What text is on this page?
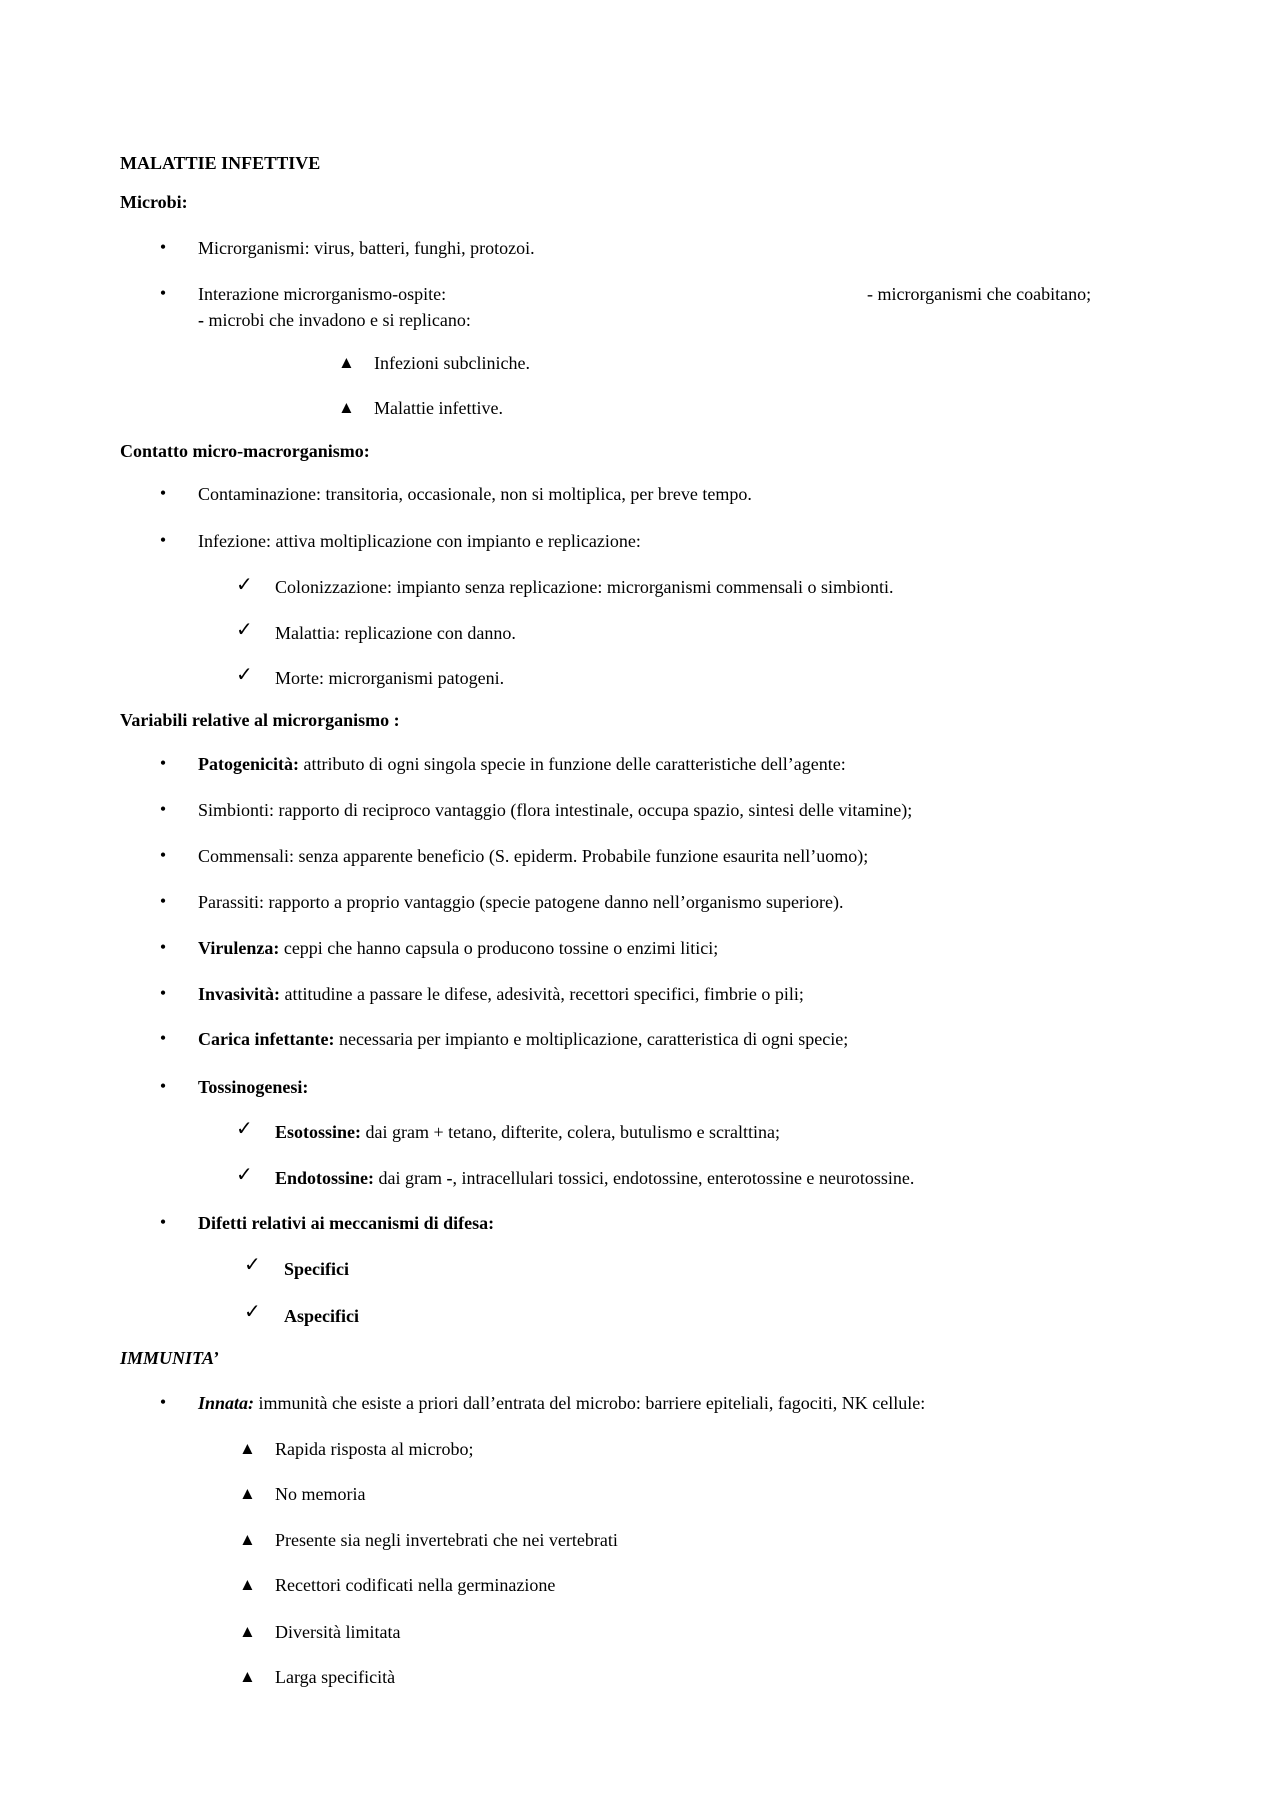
MALATTIE INFETTIVE
Microbi:
• Microrganismi: virus, batteri, funghi, protozoi.
• Interazione microrganismo-ospite:	- microrganismi che coabitano;
- microbi che invadono e si replicano:
▲ Infezioni subcliniche.
▲ Malattie infettive.
Contatto micro-macrorganismo:
• Contaminazione: transitoria, occasionale, non si moltiplica, per breve tempo.
• Infezione: attiva moltiplicazione con impianto e replicazione:
✓ Colonizzazione: impianto senza replicazione: microrganismi commensali o simbionti.
✓ Malattia: replicazione con danno.
✓ Morte: microrganismi patogeni.
Variabili relative al microrganismo :
• Patogenicità: attributo di ogni singola specie in funzione delle caratteristiche dell’agente:
• Simbionti: rapporto di reciproco vantaggio (flora intestinale, occupa spazio, sintesi delle vitamine);
• Commensali: senza apparente beneficio (S. epiderm. Probabile funzione esaurita nell’uomo);
• Parassiti: rapporto a proprio vantaggio (specie patogene danno nell’organismo superiore).
• Virulenza: ceppi che hanno capsula o producono tossine o enzimi litici;
• Invasività: attitudine a passare le difese, adesività, recettori specifici, fimbrie o pili;
• Carica infettante: necessaria per impianto e moltiplicazione, caratteristica di ogni specie;
• Tossinogenesi:
✓ Esotossine: dai gram + tetano, difterite, colera, butulismo e scralttina;
✓ Endotossine: dai gram -, intracellulari tossici, endotossine, enterotossine e neurotossine.
• Difetti relativi ai meccanismi di difesa:
✓ Specifici
✓ Aspecifici
IMMUNITA’
• Innata: immunità che esiste a priori dall’entrata del microbo: barriere epiteliali, fagociti, NK cellule:
▲ Rapida risposta al microbo;
▲ No memoria
▲ Presente sia negli invertebrati che nei vertebrati
▲ Recettori codificati nella germinazione
▲ Diversità limitata
▲ Larga specificità
